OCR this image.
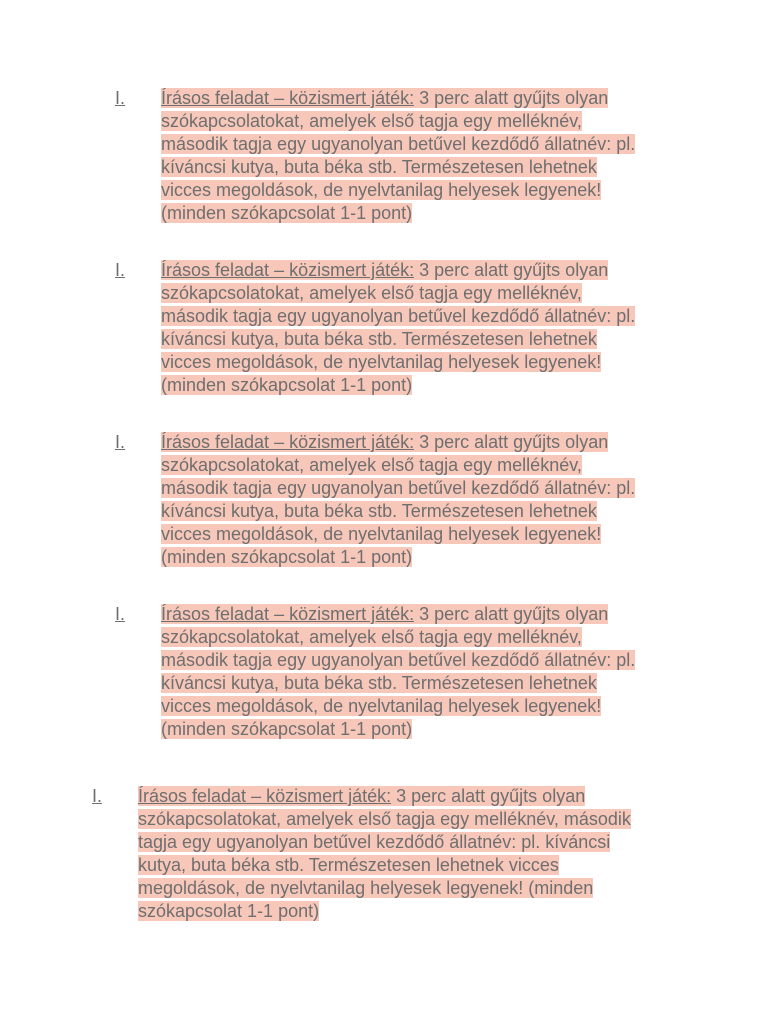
I.	Írásos feladat – közismert játék: 3 perc alatt gyűjts olyan
szókapcsolatokat, amelyek első tagja egy melléknév,
második tagja egy ugyanolyan betűvel kezdődő állatnév: pl.
kíváncsi kutya, buta béka stb. Természetesen lehetnek
vicces megoldások, de nyelvtanilag helyesek legyenek!
(minden szókapcsolat 1-1 pont)
I.	Írásos feladat – közismert játék: 3 perc alatt gyűjts olyan
szókapcsolatokat, amelyek első tagja egy melléknév,
második tagja egy ugyanolyan betűvel kezdődő állatnév: pl.
kíváncsi kutya, buta béka stb. Természetesen lehetnek
vicces megoldások, de nyelvtanilag helyesek legyenek!
(minden szókapcsolat 1-1 pont)
I.	Írásos feladat – közismert játék: 3 perc alatt gyűjts olyan
szókapcsolatokat, amelyek első tagja egy melléknév,
második tagja egy ugyanolyan betűvel kezdődő állatnév: pl.
kíváncsi kutya, buta béka stb. Természetesen lehetnek
vicces megoldások, de nyelvtanilag helyesek legyenek!
(minden szókapcsolat 1-1 pont)
I.	Írásos feladat – közismert játék: 3 perc alatt gyűjts olyan
szókapcsolatokat, amelyek első tagja egy melléknév,
második tagja egy ugyanolyan betűvel kezdődő állatnév: pl.
kíváncsi kutya, buta béka stb. Természetesen lehetnek
vicces megoldások, de nyelvtanilag helyesek legyenek!
(minden szókapcsolat 1-1 pont)
I.	Írásos feladat – közismert játék: 3 perc alatt gyűjts olyan
szókapcsolatokat, amelyek első tagja egy melléknév, második
tagja egy ugyanolyan betűvel kezdődő állatnév: pl. kíváncsi
kutya, buta béka stb. Természetesen lehetnek vicces
megoldások, de nyelvtanilag helyesek legyenek! (minden
szókapcsolat 1-1 pont)
